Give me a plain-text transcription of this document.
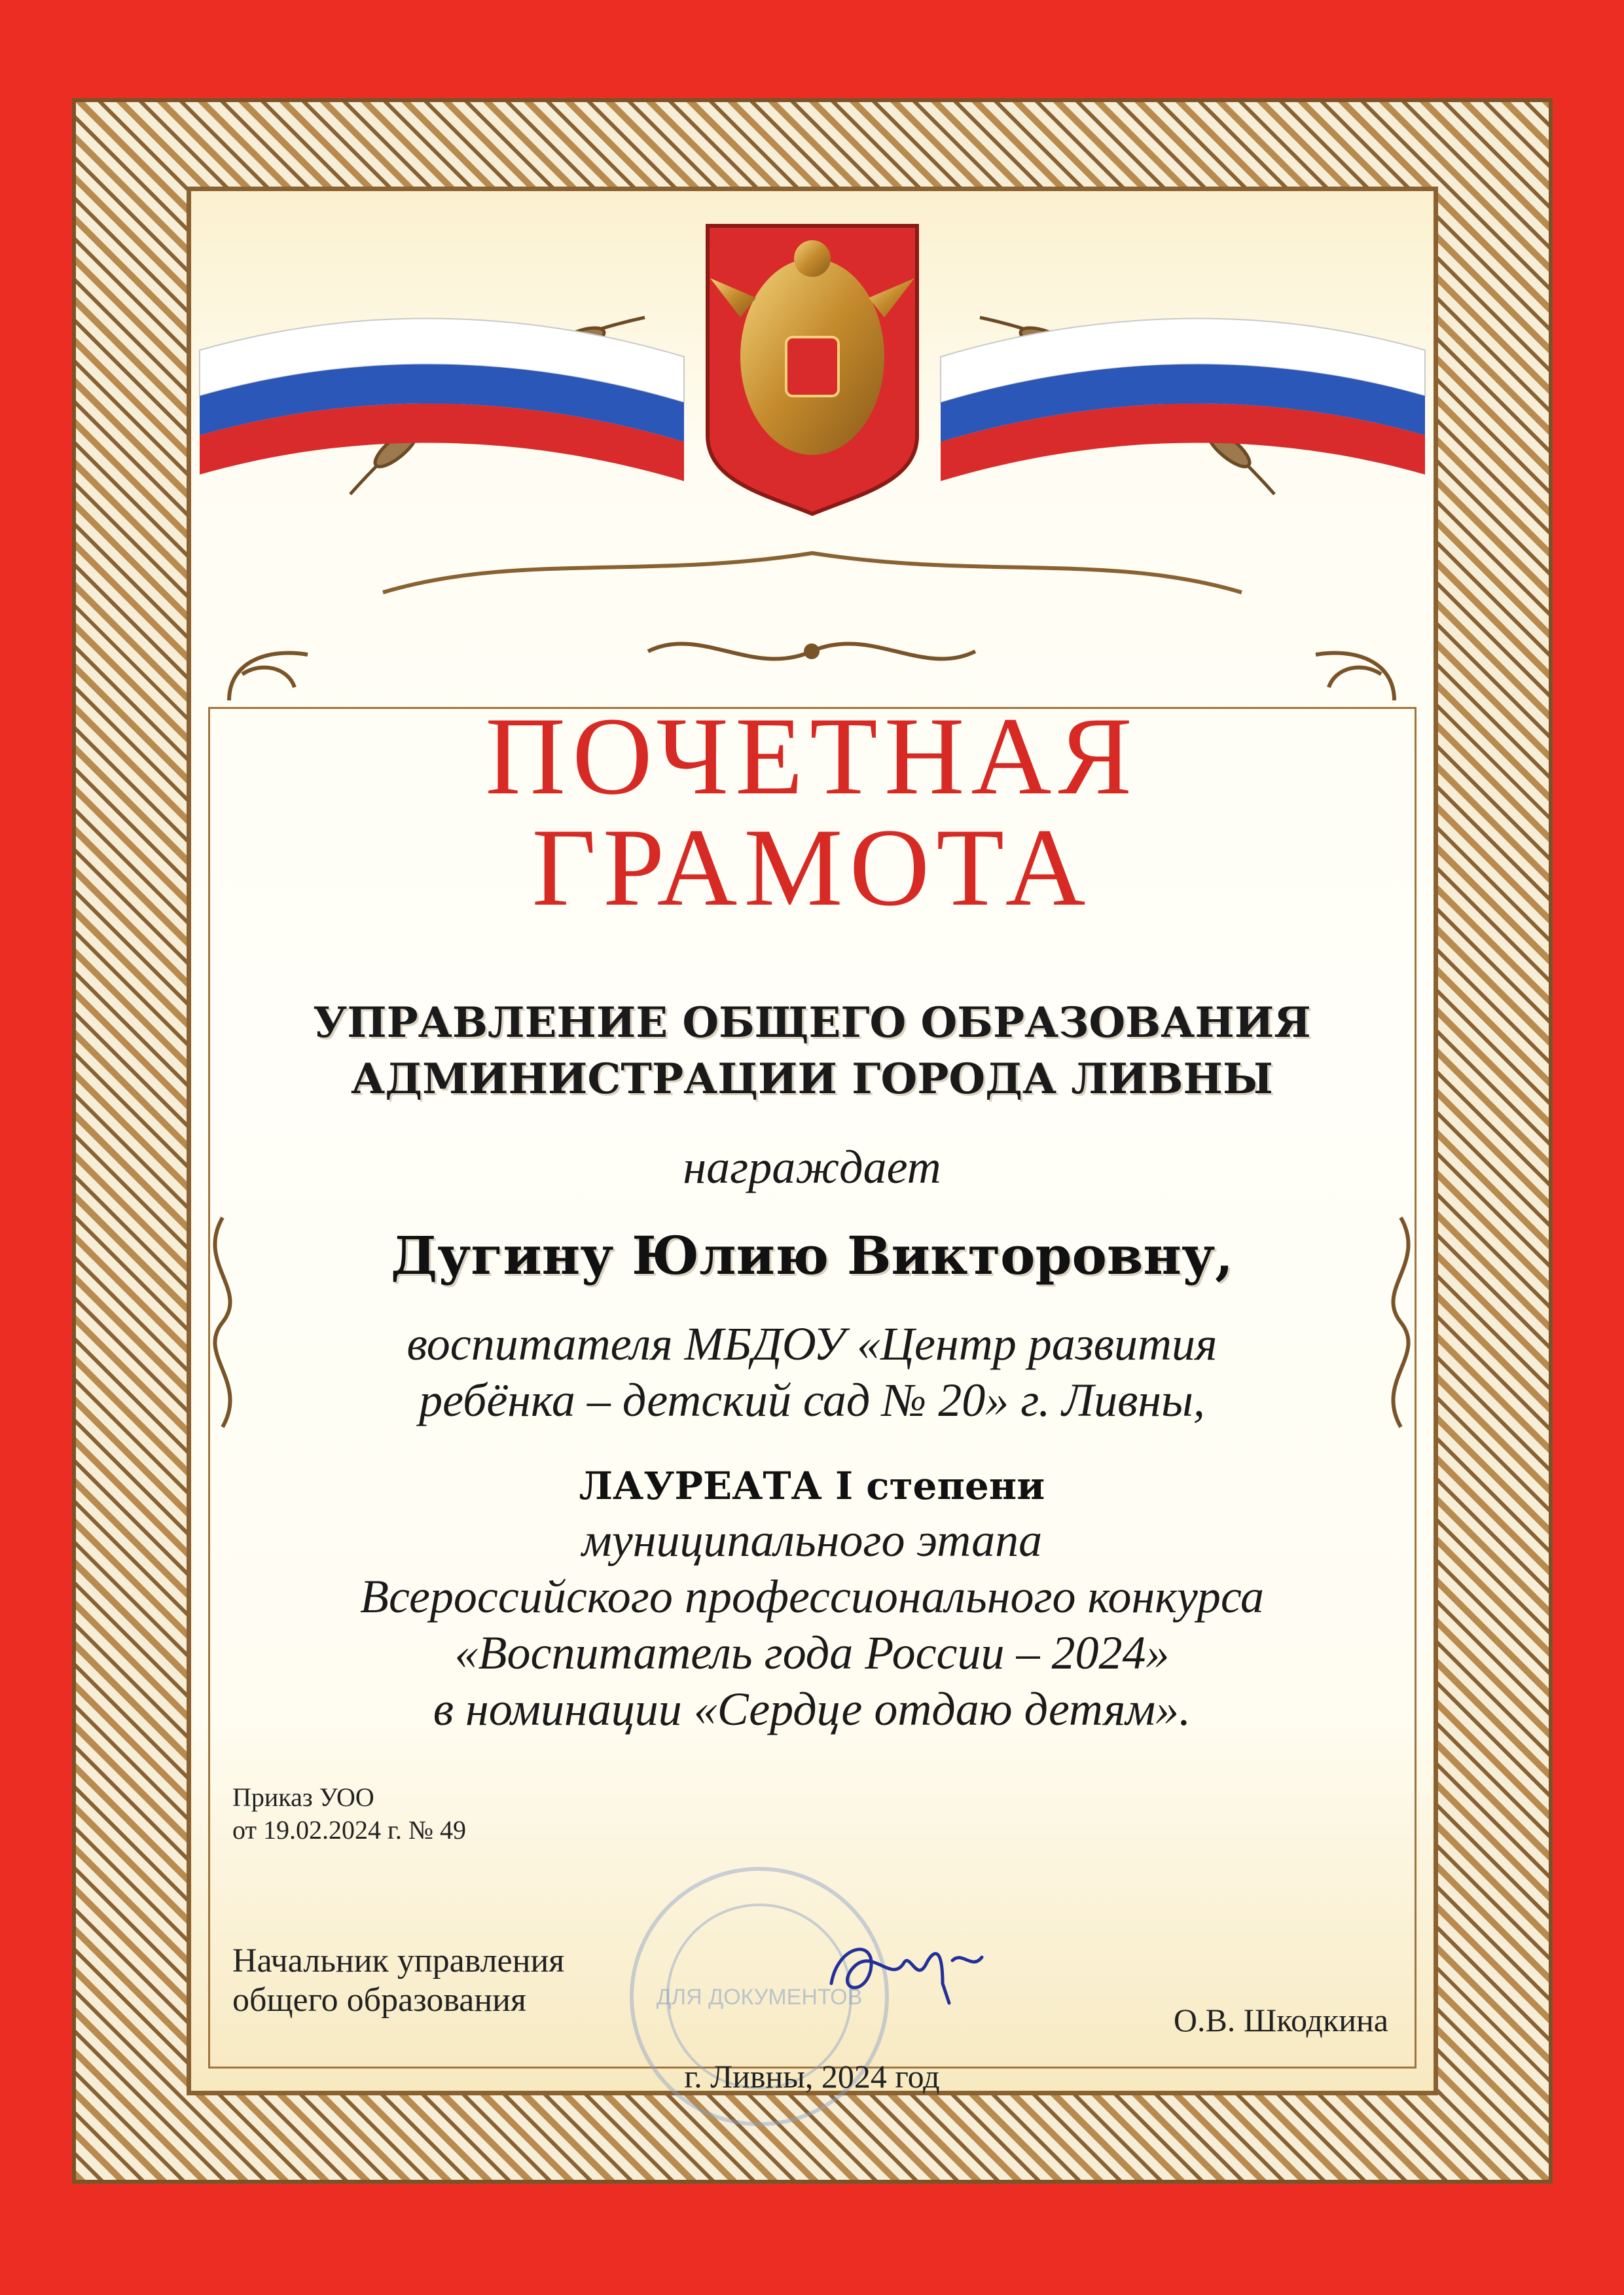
ПОЧЕТНАЯ
ГРАМОТА
УПРАВЛЕНИЕ ОБЩЕГО ОБРАЗОВАНИЯ
АДМИНИСТРАЦИИ ГОРОДА ЛИВНЫ
награждает
Дугину Юлию Викторовну,
воспитателя МБДОУ «Центр развития
ребёнка – детский сад № 20» г. Ливны,
ЛАУРЕАТА I степени
муниципального этапа
Всероссийского профессионального конкурса
«Воспитатель года России – 2024»
в номинации «Сердце отдаю детям».
Приказ УОО
от 19.02.2024 г. № 49
ДЛЯ ДОКУМЕНТОВ
Начальник управления
общего образования
О.В. Шкодкина
г. Ливны, 2024 год
